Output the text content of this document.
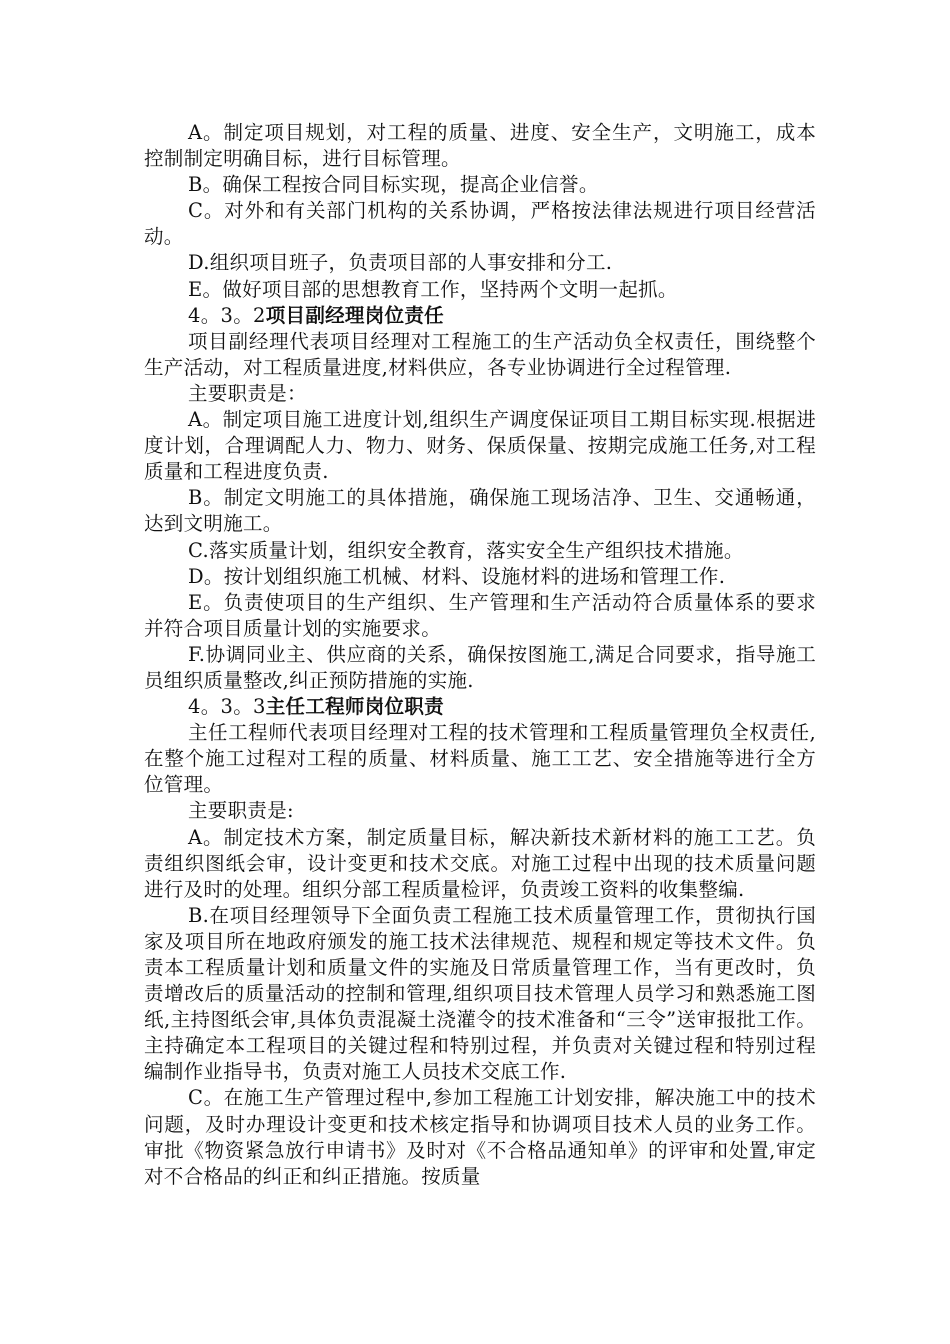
A。制定项目规划，对工程的质量、进度、安全生产，文明施工，成本控制制定明确目标，进行目标管理。

B。确保工程按合同目标实现，提高企业信誉。

C。对外和有关部门机构的关系协调，严格按法律法规进行项目经营活动。

D.组织项目班子，负责项目部的人事安排和分工.

E。做好项目部的思想教育工作，坚持两个文明一起抓。

4。3。2项目副经理岗位责任

项目副经理代表项目经理对工程施工的生产活动负全权责任，围绕整个生产活动，对工程质量进度,材料供应，各专业协调进行全过程管理.

主要职责是：

A。制定项目施工进度计划,组织生产调度保证项目工期目标实现.根据进度计划，合理调配人力、物力、财务、保质保量、按期完成施工任务,对工程质量和工程进度负责.

B。制定文明施工的具体措施，确保施工现场洁净、卫生、交通畅通，达到文明施工。

C.落实质量计划，组织安全教育，落实安全生产组织技术措施。

D。按计划组织施工机械、材料、设施材料的进场和管理工作.

E。负责使项目的生产组织、生产管理和生产活动符合质量体系的要求并符合项目质量计划的实施要求。

F.协调同业主、供应商的关系，确保按图施工,满足合同要求，指导施工员组织质量整改,纠正预防措施的实施.

4。3。3主任工程师岗位职责

主任工程师代表项目经理对工程的技术管理和工程质量管理负全权责任,在整个施工过程对工程的质量、材料质量、施工工艺、安全措施等进行全方位管理。

主要职责是:

A。制定技术方案，制定质量目标，解决新技术新材料的施工工艺。负责组织图纸会审，设计变更和技术交底。对施工过程中出现的技术质量问题进行及时的处理。组织分部工程质量检评，负责竣工资料的收集整编.

B.在项目经理领导下全面负责工程施工技术质量管理工作，贯彻执行国家及项目所在地政府颁发的施工技术法律规范、规程和规定等技术文件。负责本工程质量计划和质量文件的实施及日常质量管理工作，当有更改时，负责增改后的质量活动的控制和管理,组织项目技术管理人员学习和熟悉施工图纸,主持图纸会审,具体负责混凝土浇灌令的技术准备和“三令”送审报批工作。主持确定本工程项目的关键过程和特别过程，并负责对关键过程和特别过程编制作业指导书，负责对施工人员技术交底工作.

C。在施工生产管理过程中,参加工程施工计划安排，解决施工中的技术问题，及时办理设计变更和技术核定指导和协调项目技术人员的业务工作。审批《物资紧急放行申请书》及时对《不合格品通知单》的评审和处置,审定对不合格品的纠正和纠正措施。按质量
